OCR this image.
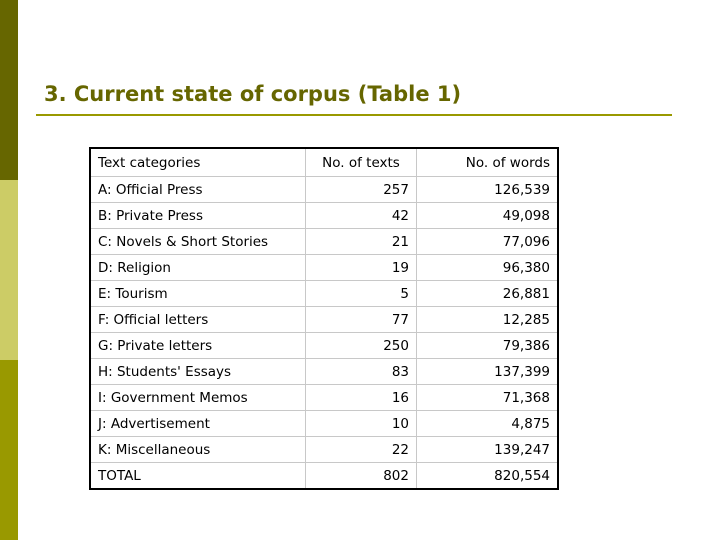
3. Current state of corpus (Table 1)
Text categories	No. of texts	No. of words
A: Official Press	257	126,539
B: Private Press	42	49,098
C: Novels & Short Stories	21	77,096
D: Religion	19	96,380
E: Tourism	5	26,881
F: Official letters	77	12,285
G: Private letters	250	79,386
H: Students' Essays	83	137,399
I: Government Memos	16	71,368
J: Advertisement	10	4,875
K: Miscellaneous	22	139,247
TOTAL	802	820,554
